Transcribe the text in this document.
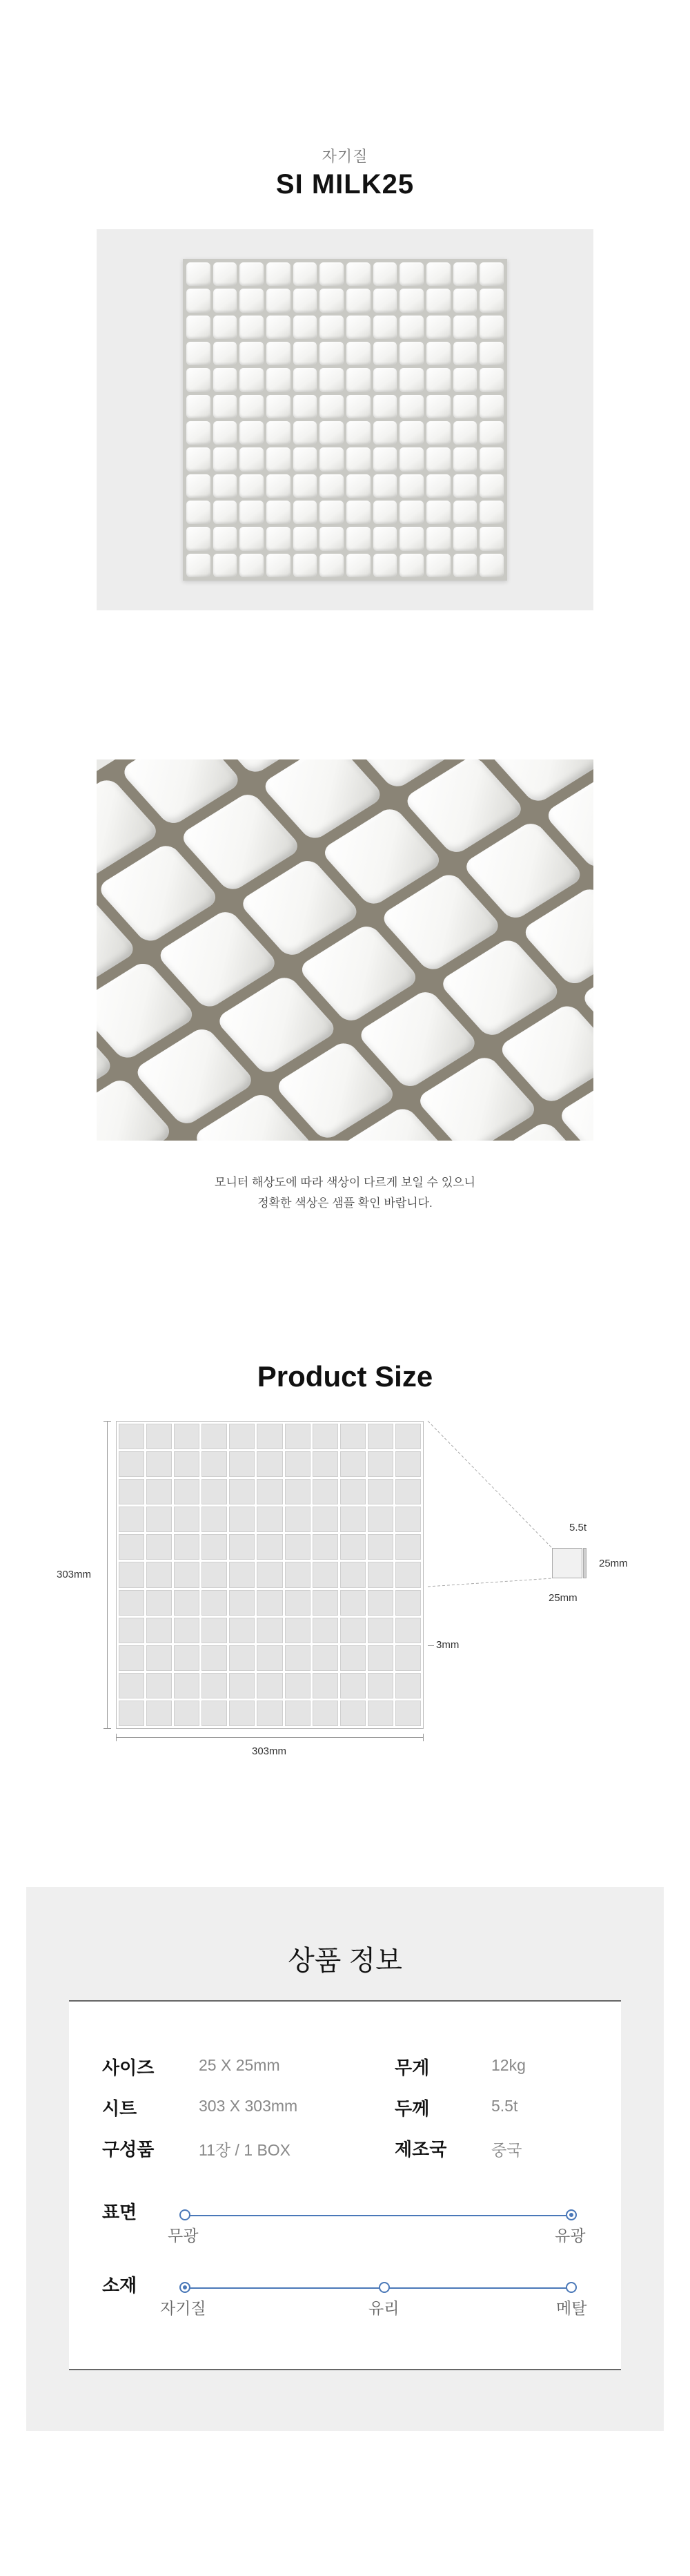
자기질
SI MILK25
모니터 해상도에 따라 색상이 다르게 보일 수 있으니
정확한 색상은 샘플 확인 바랍니다.
Product Size
303mm
303mm
3mm
5.5t
25mm
25mm
상품 정보
사이즈	25 X 25mm	무게	12kg
시트	303 X 303mm	두께	5.5t
구성품	11장 / 1 BOX	제조국	중국
표면
무광	유광
소재
자기질	유리	메탈
